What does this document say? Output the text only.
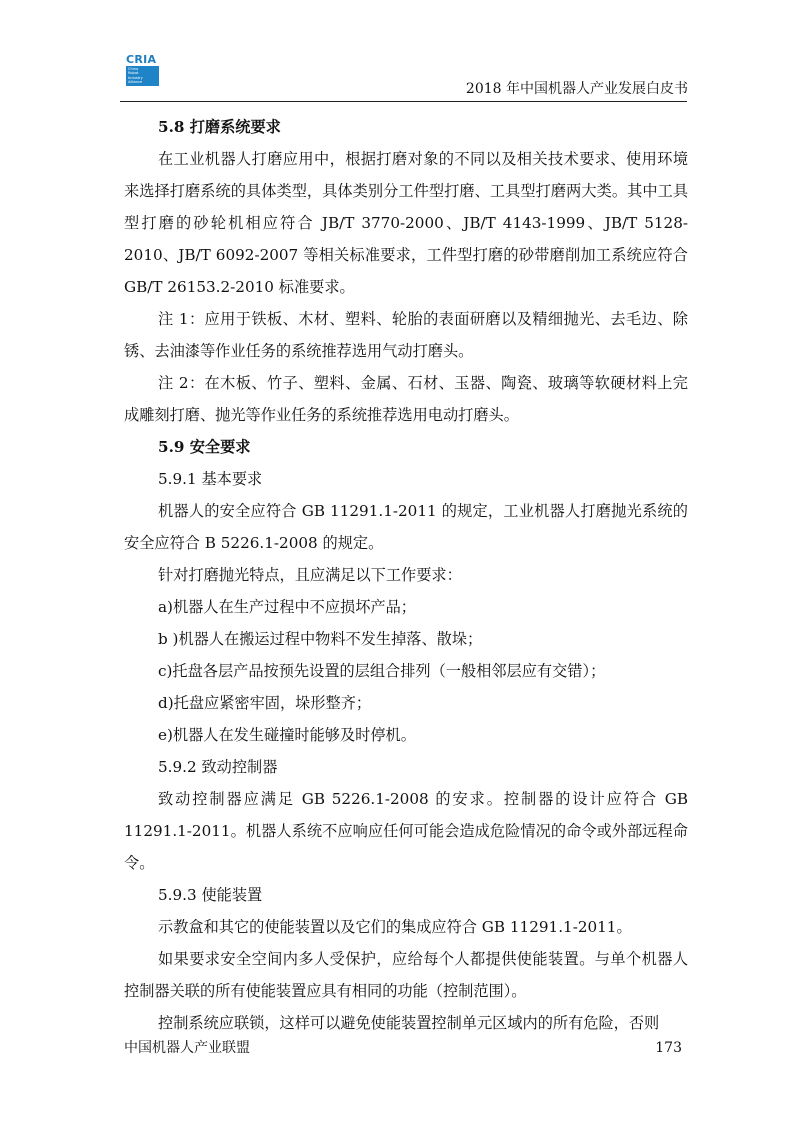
CRIA
China
Robot
Industry
Alliance	2018 年中国机器人产业发展白皮书

5.8 打磨系统要求

在工业机器人打磨应用中，根据打磨对象的不同以及相关技术要求、使用环境来选择打磨系统的具体类型，具体类别分工件型打磨、工具型打磨两大类。其中工具型打磨的砂轮机相应符合 JB/T 3770-2000、JB/T 4143-1999、JB/T 5128-2010、JB/T 6092-2007 等相关标准要求，工件型打磨的砂带磨削加工系统应符合 GB/T 26153.2-2010 标准要求。

注 1：应用于铁板、木材、塑料、轮胎的表面研磨以及精细抛光、去毛边、除锈、去油漆等作业任务的系统推荐选用气动打磨头。

注 2：在木板、竹子、塑料、金属、石材、玉器、陶瓷、玻璃等软硬材料上完成雕刻打磨、抛光等作业任务的系统推荐选用电动打磨头。

5.9 安全要求

5.9.1 基本要求

机器人的安全应符合 GB 11291.1-2011 的规定，工业机器人打磨抛光系统的安全应符合 B 5226.1-2008 的规定。

针对打磨抛光特点，且应满足以下工作要求：

a)机器人在生产过程中不应损坏产品；

b )机器人在搬运过程中物料不发生掉落、散垛；

c)托盘各层产品按预先设置的层组合排列（一般相邻层应有交错）；

d)托盘应紧密牢固，垛形整齐；

e)机器人在发生碰撞时能够及时停机。

5.9.2 致动控制器

致动控制器应满足 GB 5226.1-2008 的安求。控制器的设计应符合 GB 11291.1-2011。机器人系统不应响应任何可能会造成危险情况的命令或外部远程命令。

5.9.3 使能装置

示教盒和其它的使能装置以及它们的集成应符合 GB 11291.1-2011。

如果要求安全空间内多人受保护，应给每个人都提供使能装置。与单个机器人控制器关联的所有使能装置应具有相同的功能（控制范围）。

控制系统应联锁，这样可以避免使能装置控制单元区域内的所有危险，否则

中国机器人产业联盟	173
